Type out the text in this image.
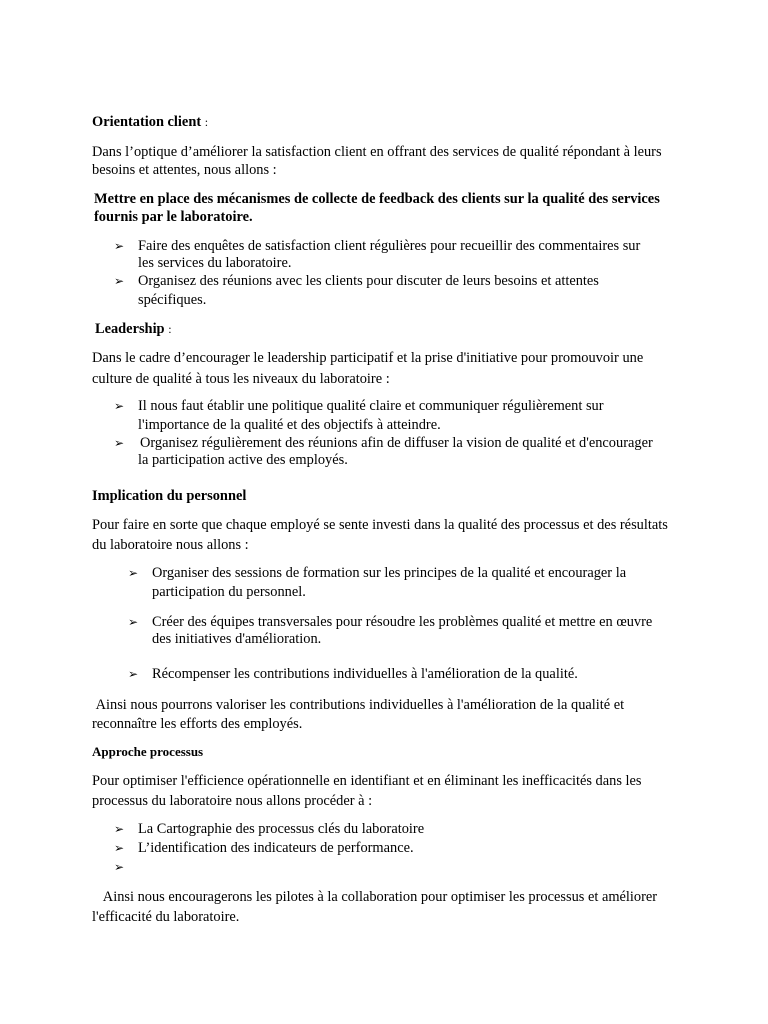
Orientation client :

Dans l’optique d’améliorer la satisfaction client en offrant des services de qualité répondant à leurs besoins et attentes, nous allons :

Mettre en place des mécanismes de collecte de feedback des clients sur la qualité des services fournis par le laboratoire.

➢ Faire des enquêtes de satisfaction client régulières pour recueillir des commentaires sur les services du laboratoire.
➢ Organisez des réunions avec les clients pour discuter de leurs besoins et attentes spécifiques.

Leadership :

Dans le cadre d’encourager le leadership participatif et la prise d'initiative pour promouvoir une culture de qualité à tous les niveaux du laboratoire :

➢ Il nous faut établir une politique qualité claire et communiquer régulièrement sur l'importance de la qualité et des objectifs à atteindre.
➢ Organisez régulièrement des réunions afin de diffuser la vision de qualité et d'encourager la participation active des employés.

Implication du personnel

Pour faire en sorte que chaque employé se sente investi dans la qualité des processus et des résultats du laboratoire nous allons :

➢ Organiser des sessions de formation sur les principes de la qualité et encourager la participation du personnel.
➢ Créer des équipes transversales pour résoudre les problèmes qualité et mettre en œuvre des initiatives d'amélioration.
➢ Récompenser les contributions individuelles à l'amélioration de la qualité.

Ainsi nous pourrons valoriser les contributions individuelles à l'amélioration de la qualité et reconnaître les efforts des employés.

Approche processus

Pour optimiser l'efficience opérationnelle en identifiant et en éliminant les inefficacités dans les processus du laboratoire nous allons procéder à :

➢ La Cartographie des processus clés du laboratoire
➢ L’identification des indicateurs de performance.
➢

Ainsi nous encouragerons les pilotes à la collaboration pour optimiser les processus et améliorer l'efficacité du laboratoire.
